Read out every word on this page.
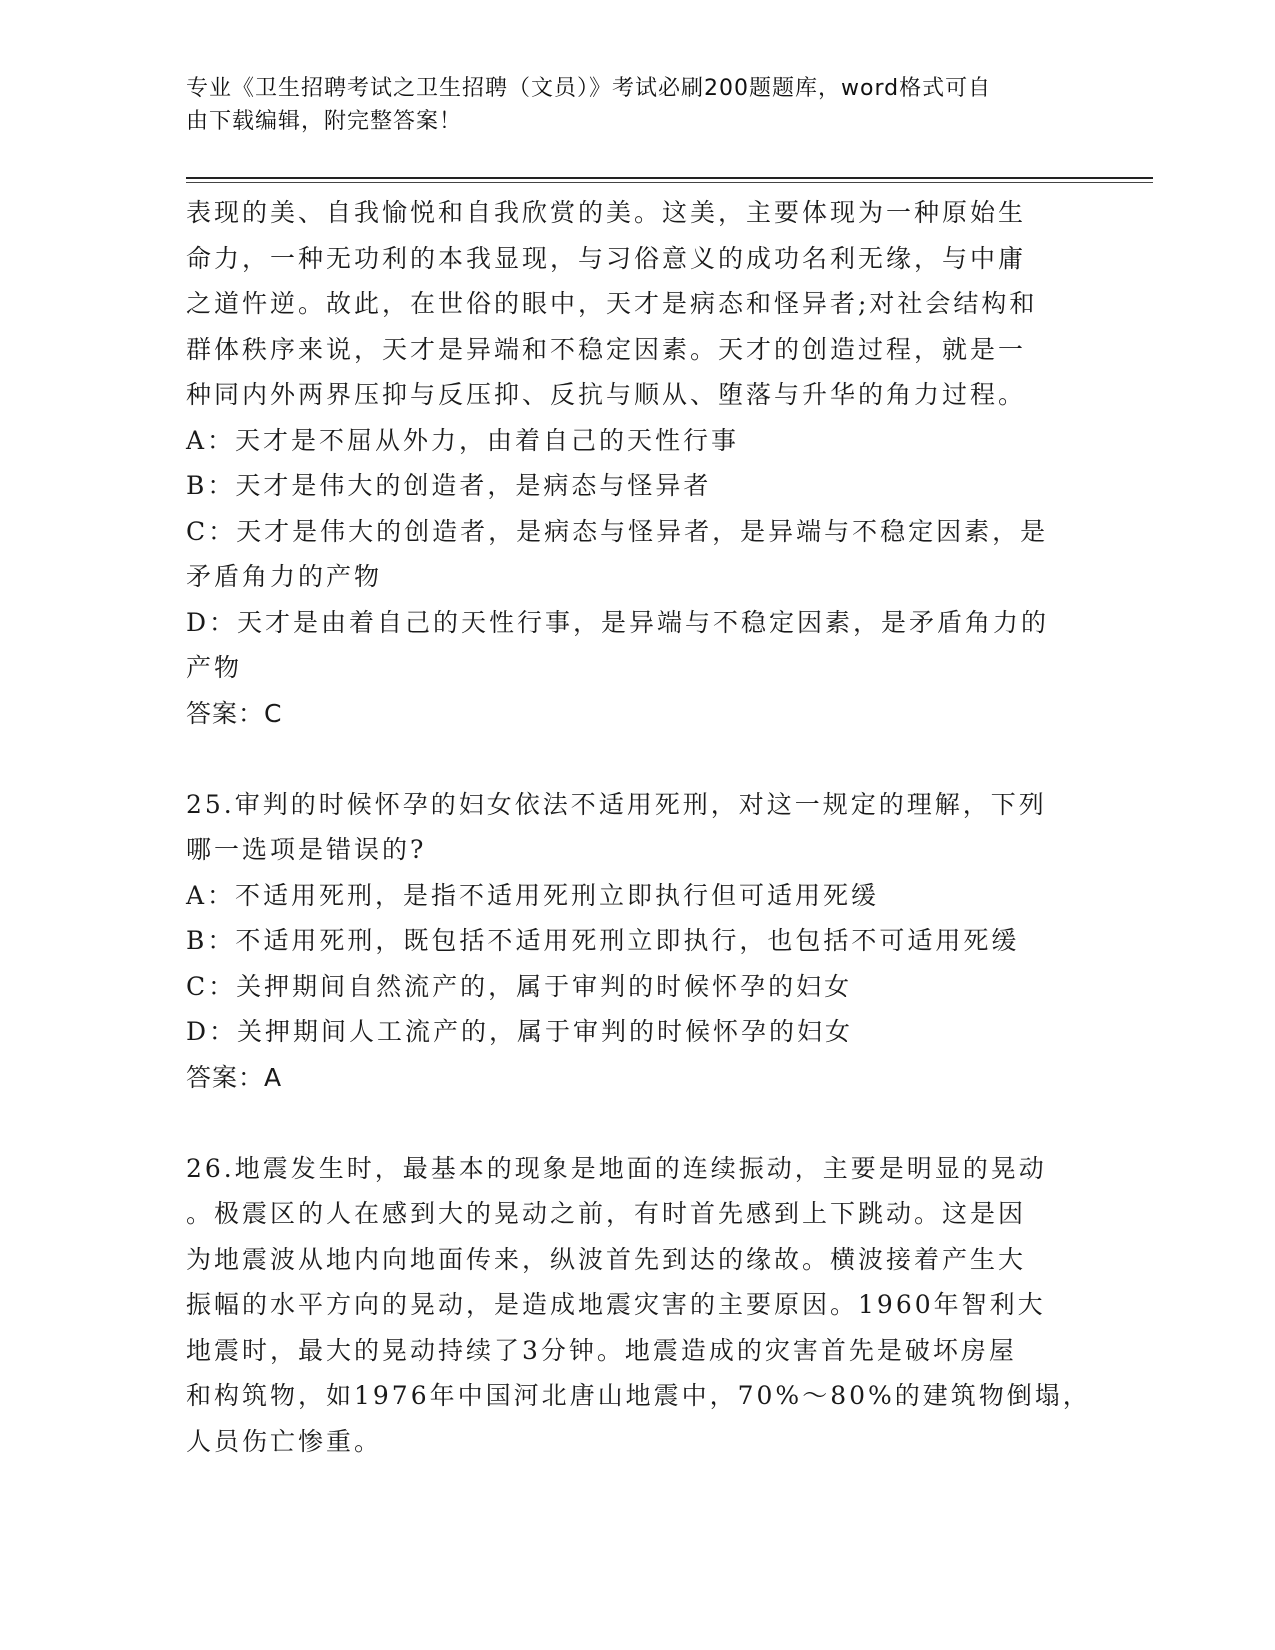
专业《卫生招聘考试之卫生招聘（文员）》考试必刷200题题库，word格式可自
由下载编辑，附完整答案！
表现的美、自我愉悦和自我欣赏的美。这美，主要体现为一种原始生
命力，一种无功利的本我显现，与习俗意义的成功名利无缘，与中庸
之道忤逆。故此，在世俗的眼中，天才是病态和怪异者;对社会结构和
群体秩序来说，天才是异端和不稳定因素。天才的创造过程，就是一
种同内外两界压抑与反压抑、反抗与顺从、堕落与升华的角力过程。
A：天才是不屈从外力，由着自己的天性行事
B：天才是伟大的创造者，是病态与怪异者
C：天才是伟大的创造者，是病态与怪异者，是异端与不稳定因素，是
矛盾角力的产物
D：天才是由着自己的天性行事，是异端与不稳定因素，是矛盾角力的
产物
答案：C
25.审判的时候怀孕的妇女依法不适用死刑，对这一规定的理解，下列
哪一选项是错误的?
A：不适用死刑，是指不适用死刑立即执行但可适用死缓
B：不适用死刑，既包括不适用死刑立即执行，也包括不可适用死缓
C：关押期间自然流产的，属于审判的时候怀孕的妇女
D：关押期间人工流产的，属于审判的时候怀孕的妇女
答案：A
26.地震发生时，最基本的现象是地面的连续振动，主要是明显的晃动
。极震区的人在感到大的晃动之前，有时首先感到上下跳动。这是因
为地震波从地内向地面传来，纵波首先到达的缘故。横波接着产生大
振幅的水平方向的晃动，是造成地震灾害的主要原因。1960年智利大
地震时，最大的晃动持续了3分钟。地震造成的灾害首先是破坏房屋
和构筑物，如1976年中国河北唐山地震中，70%～80%的建筑物倒塌，
人员伤亡惨重。
